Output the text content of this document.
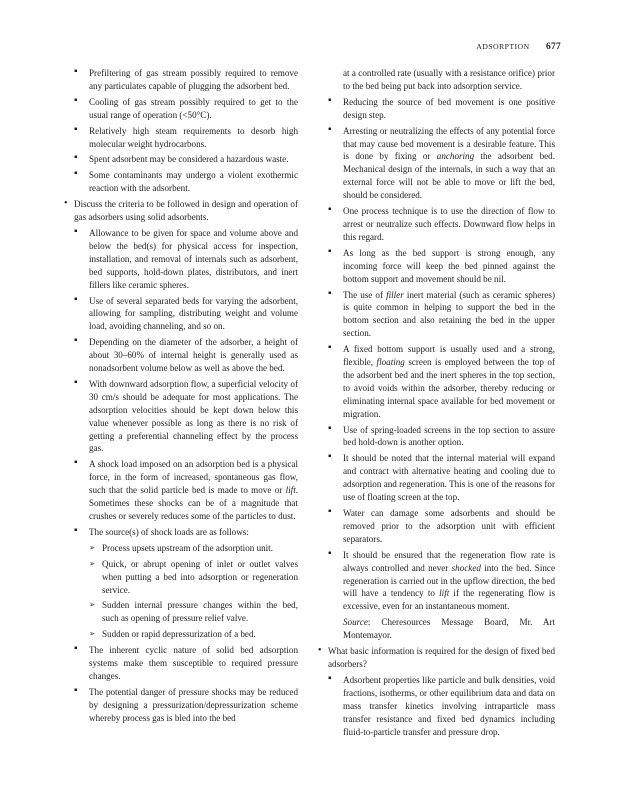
ADSORPTION 677
▪ Prefiltering of gas stream possibly required to remove any particulates capable of plugging the adsorbent bed.
▪ Cooling of gas stream possibly required to get to the usual range of operation (<50°C).
▪ Relatively high steam requirements to desorb high molecular weight hydrocarbons.
▪ Spent adsorbent may be considered a hazardous waste.
▪ Some contaminants may undergo a violent exothermic reaction with the adsorbent.
• Discuss the criteria to be followed in design and operation of gas adsorbers using solid adsorbents.
▪ Allowance to be given for space and volume above and below the bed(s) for physical access for inspection, installation, and removal of internals such as adsorbent, bed supports, hold-down plates, distributors, and inert fillers like ceramic spheres.
▪ Use of several separated beds for varying the adsorbent, allowing for sampling, distributing weight and volume load, avoiding channeling, and so on.
▪ Depending on the diameter of the adsorber, a height of about 30–60% of internal height is generally used as nonadsorbent volume below as well as above the bed.
▪ With downward adsorption flow, a superficial velocity of 30 cm/s should be adequate for most applications. The adsorption velocities should be kept down below this value whenever possible as long as there is no risk of getting a preferential channeling effect by the process gas.
▪ A shock load imposed on an adsorption bed is a physical force, in the form of increased, spontaneous gas flow, such that the solid particle bed is made to move or lift. Sometimes these shocks can be of a magnitude that crushes or severely reduces some of the particles to dust.
▪ The source(s) of shock loads are as follows:
➢ Process upsets upstream of the adsorption unit.
➢ Quick, or abrupt opening of inlet or outlet valves when putting a bed into adsorption or regeneration service.
➢ Sudden internal pressure changes within the bed, such as opening of pressure relief valve.
➢ Sudden or rapid depressurization of a bed.
▪ The inherent cyclic nature of solid bed adsorption systems make them susceptible to required pressure changes.
▪ The potential danger of pressure shocks may be reduced by designing a pressurization/depressurization scheme whereby process gas is bled into the bed
at a controlled rate (usually with a resistance orifice) prior to the bed being put back into adsorption service.
▪ Reducing the source of bed movement is one positive design step.
▪ Arresting or neutralizing the effects of any potential force that may cause bed movement is a desirable feature. This is done by fixing or anchoring the adsorbent bed. Mechanical design of the internals, in such a way that an external force will not be able to move or lift the bed, should be considered.
▪ One process technique is to use the direction of flow to arrest or neutralize such effects. Downward flow helps in this regard.
▪ As long as the bed support is strong enough, any incoming force will keep the bed pinned against the bottom support and movement should be nil.
▪ The use of filler inert material (such as ceramic spheres) is quite common in helping to support the bed in the bottom section and also retaining the bed in the upper section.
▪ A fixed bottom support is usually used and a strong, flexible, floating screen is employed between the top of the adsorbent bed and the inert spheres in the top section, to avoid voids within the adsorber, thereby reducing or eliminating internal space available for bed movement or migration.
▪ Use of spring-loaded screens in the top section to assure bed hold-down is another option.
▪ It should be noted that the internal material will expand and contract with alternative heating and cooling due to adsorption and regeneration. This is one of the reasons for use of floating screen at the top.
▪ Water can damage some adsorbents and should be removed prior to the adsorption unit with efficient separators.
▪ It should be ensured that the regeneration flow rate is always controlled and never shocked into the bed. Since regeneration is carried out in the upflow direction, the bed will have a tendency to lift if the regenerating flow is excessive, even for an instantaneous moment.
Source: Cheresources Message Board, Mr. Art Montemayor.
• What basic information is required for the design of fixed bed adsorbers?
▪ Adsorbent properties like particle and bulk densities, void fractions, isotherms, or other equilibrium data and data on mass transfer kinetics involving intraparticle mass transfer resistance and fixed bed dynamics including fluid-to-particle transfer and pressure drop.
